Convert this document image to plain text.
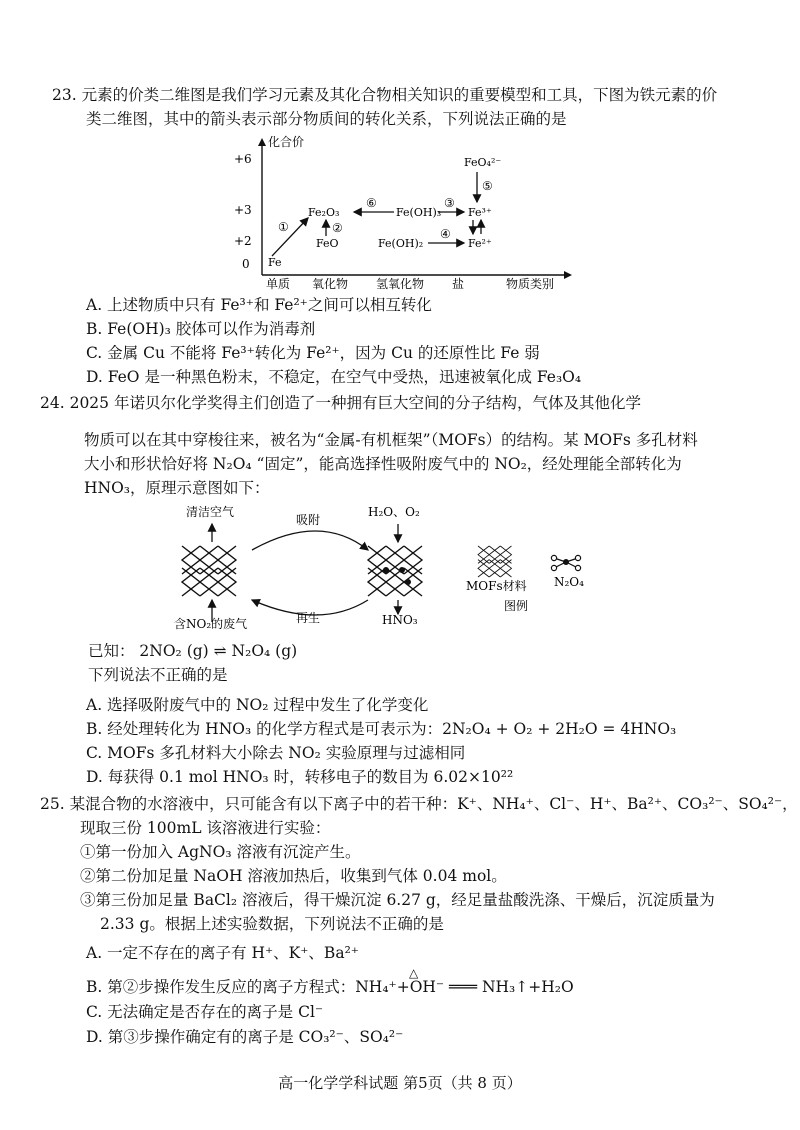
23. 元素的价类二维图是我们学习元素及其化合物相关知识的重要模型和工具，下图为铁元素的价
类二维图，其中的箭头表示部分物质间的转化关系，下列说法正确的是
化合价
+6
+3
+2
0 Fe
Fe₂O₃
FeO
Fe(OH)₃
Fe(OH)₂
Fe³⁺
Fe²⁺
FeO₄²⁻
①	②
⑥	③
④
⑤
单质 氧化物 氢氧化物 盐	物质类别
A. 上述物质中只有 Fe³⁺和 Fe²⁺之间可以相互转化
B. Fe(OH)₃ 胶体可以作为消毒剂
C. 金属 Cu 不能将 Fe³⁺转化为 Fe²⁺，因为 Cu 的还原性比 Fe 弱
D. FeO 是一种黑色粉末，不稳定，在空气中受热，迅速被氧化成 Fe₃O₄
24. 2025 年诺贝尔化学奖得主们创造了一种拥有巨大空间的分子结构，气体及其他化学
物质可以在其中穿梭往来，被名为“金属-有机框架”（MOFs）的结构。某 MOFs 多孔材料
大小和形状恰好将 N₂O₄ “固定”，能高选择性吸附废气中的 NO₂，经处理能全部转化为
HNO₃，原理示意图如下：
清洁空气
含NO₂的废气
吸附
再生
H₂O、O₂
HNO₃
MOFs材料 N₂O₄
图例
已知： 2NO₂ (g) ⇌ N₂O₄ (g)
下列说法不正确的是
A. 选择吸附废气中的 NO₂ 过程中发生了化学变化
B. 经处理转化为 HNO₃ 的化学方程式是可表示为：2N₂O₄ + O₂ + 2H₂O = 4HNO₃
C. MOFs 多孔材料大小除去 NO₂ 实验原理与过滤相同
D. 每获得 0.1 mol HNO₃ 时，转移电子的数目为 6.02×10²²
25. 某混合物的水溶液中，只可能含有以下离子中的若干种：K⁺、NH₄⁺、Cl⁻、H⁺、Ba²⁺、CO₃²⁻、SO₄²⁻，
现取三份 100mL 该溶液进行实验：
①第一份加入 AgNO₃ 溶液有沉淀产生。
②第二份加足量 NaOH 溶液加热后，收集到气体 0.04 mol。
③第三份加足量 BaCl₂ 溶液后，得干燥沉淀 6.27 g，经足量盐酸洗涤、干燥后，沉淀质量为
2.33 g。根据上述实验数据，下列说法不正确的是
A. 一定不存在的离子有 H⁺、K⁺、Ba²⁺
△
B. 第②步操作发生反应的离子方程式：NH₄⁺+OH⁻ ═══ NH₃↑+H₂O
C. 无法确定是否存在的离子是 Cl⁻
D. 第③步操作确定有的离子是 CO₃²⁻、SO₄²⁻
高一化学学科试题 第5页（共 8 页）
